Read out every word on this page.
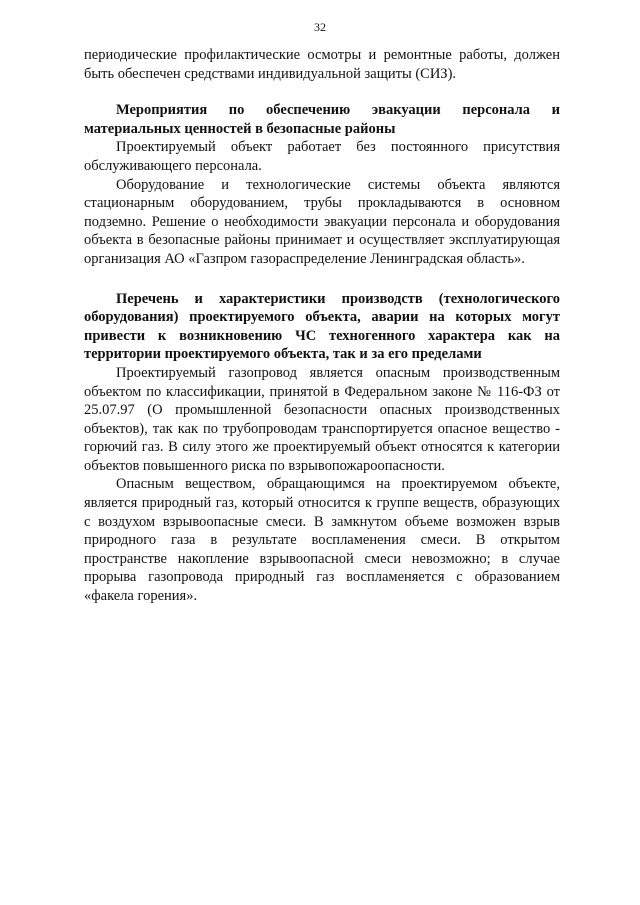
32

периодические профилактические осмотры и ремонтные работы, должен быть обеспечен средствами индивидуальной защиты (СИЗ).

Мероприятия по обеспечению эвакуации персонала и материальных ценностей в безопасные районы

Проектируемый объект работает без постоянного присутствия обслуживающего персонала.

Оборудование и технологические системы объекта являются стационарным оборудованием, трубы прокладываются в основном подземно. Решение о необходимости эвакуации персонала и оборудования объекта в безопасные районы принимает и осуществляет эксплуатирующая организация АО «Газпром газораспределение Ленинградская область».

Перечень и характеристики производств (технологического оборудования) проектируемого объекта, аварии на которых могут привести к возникновению ЧС техногенного характера как на территории проектируемого объекта, так и за его пределами

Проектируемый газопровод является опасным производственным объектом по классификации, принятой в Федеральном законе № 116-ФЗ от 25.07.97 (О промышленной безопасности опасных производственных объектов), так как по трубопроводам транспортируется опасное вещество - горючий газ. В силу этого же проектируемый объект относятся к категории объектов повышенного риска по взрывопожароопасности.

Опасным веществом, обращающимся на проектируемом объекте, является природный газ, который относится к группе веществ, образующих с воздухом взрывоопасные смеси. В замкнутом объеме возможен взрыв природного газа в результате воспламенения смеси. В открытом пространстве накопление взрывоопасной смеси невозможно; в случае прорыва газопровода природный газ воспламеняется с образованием «факела горения».
